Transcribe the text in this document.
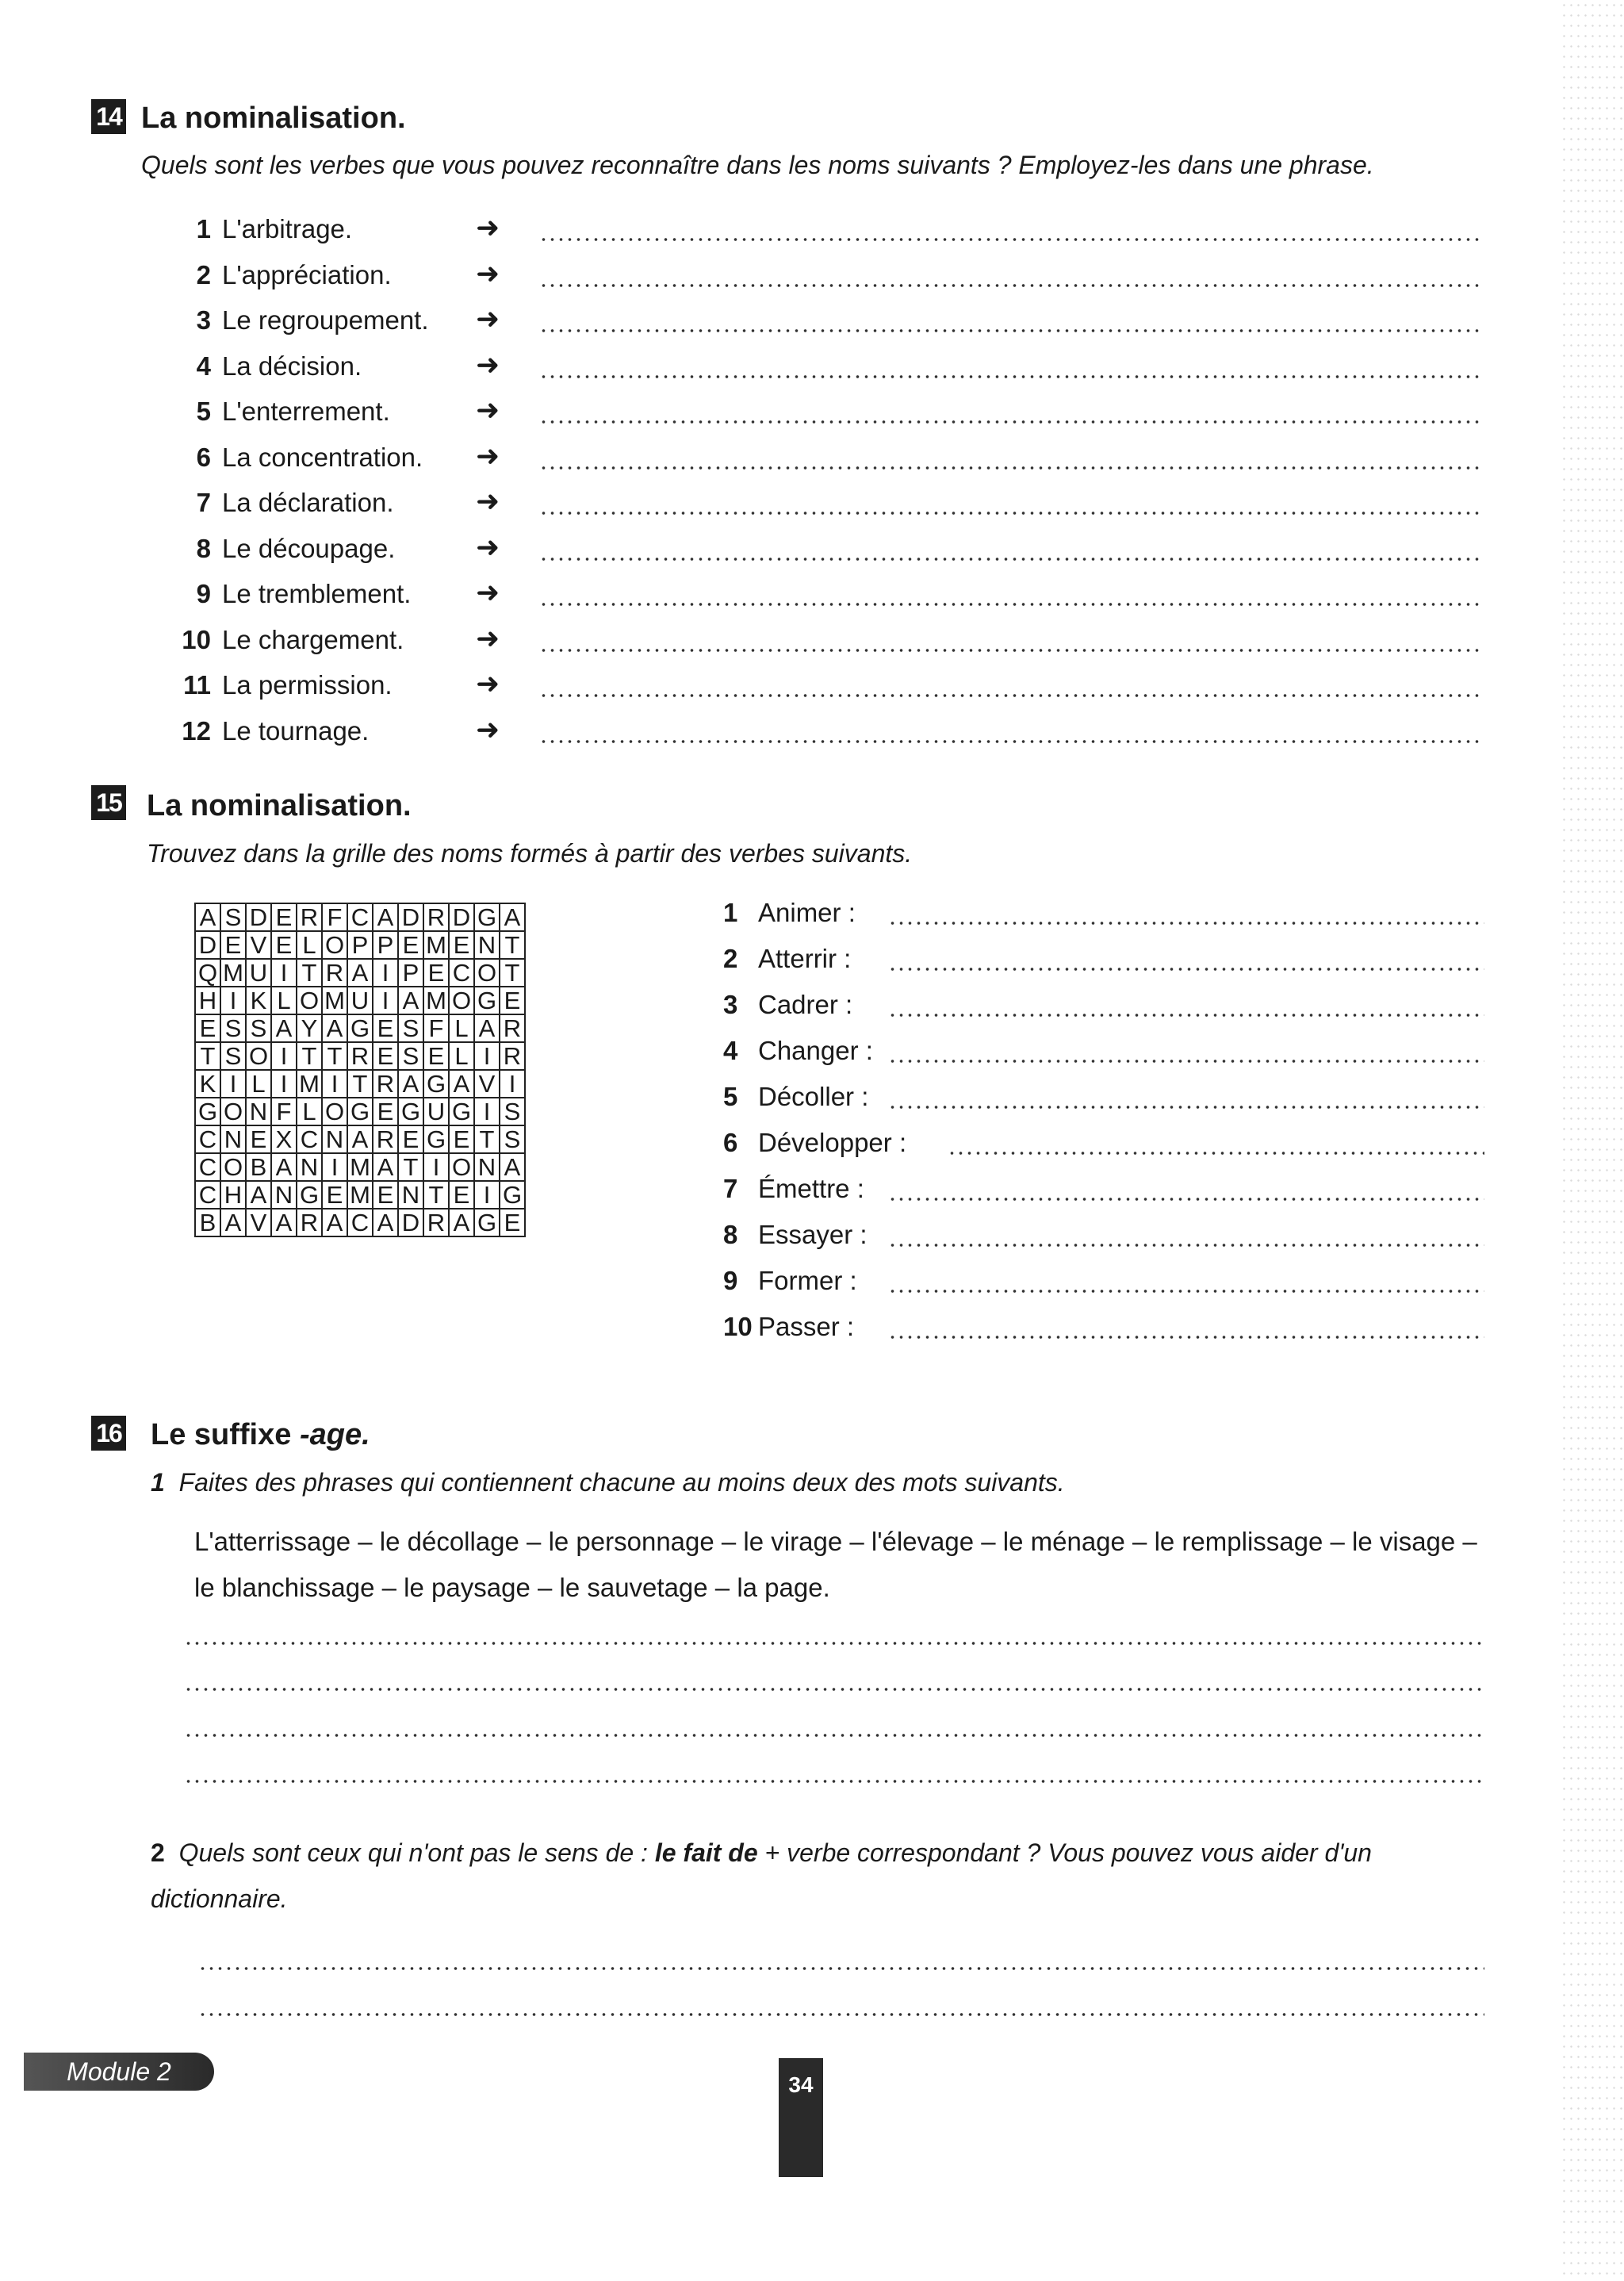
14 La nominalisation.
Quels sont les verbes que vous pouvez reconnaître dans les noms suivants ? Employez-les dans une phrase.
1 L'arbitrage.	➜
2 L'appréciation.	➜
3 Le regroupement.	➜
4 La décision.	➜
5 L'enterrement.	➜
6 La concentration.	➜
7 La déclaration.	➜
8 Le découpage.	➜
9 Le tremblement.	➜
10 Le chargement.	➜
11 La permission.	➜
12 Le tournage.	➜
15 La nominalisation.
Trouvez dans la grille des noms formés à partir des verbes suivants.
A	S	D	E	R	F	C	A	D	R	D	G	A
D	E	V	E	L	O	P	P	E	M	E	N	T
Q	M	U	I	T	R	A	I	P	E	C	O	T
H	I	K	L	O	M	U	I	A	M	O	G	E
E	S	S	A	Y	A	G	E	S	F	L	A	R
T	S	O	I	T	T	R	E	S	E	L	I	R
K	I	L	I	M	I	T	R	A	G	A	V	I
G	O	N	F	L	O	G	E	G	U	G	I	S
C	N	E	X	C	N	A	R	E	G	E	T	S
C	O	B	A	N	I	M	A	T	I	O	N	A
C	H	A	N	G	E	M	E	N	T	E	I	G
B	A	V	A	R	A	C	A	D	R	A	G	E
1 Animer :
2 Atterrir :
3 Cadrer :
4 Changer :
5 Décoller :
6 Développer :
7 Émettre :
8 Essayer :
9 Former :
10 Passer :
16 Le suffixe -age.
1 Faites des phrases qui contiennent chacune au moins deux des mots suivants.
L'atterrissage – le décollage – le personnage – le virage – l'élevage – le ménage – le remplissage – le visage – le blanchissage – le paysage – le sauvetage – la page.
2 Quels sont ceux qui n'ont pas le sens de : le fait de + verbe correspondant ? Vous pouvez vous aider d'un dictionnaire.
Module 2	34
